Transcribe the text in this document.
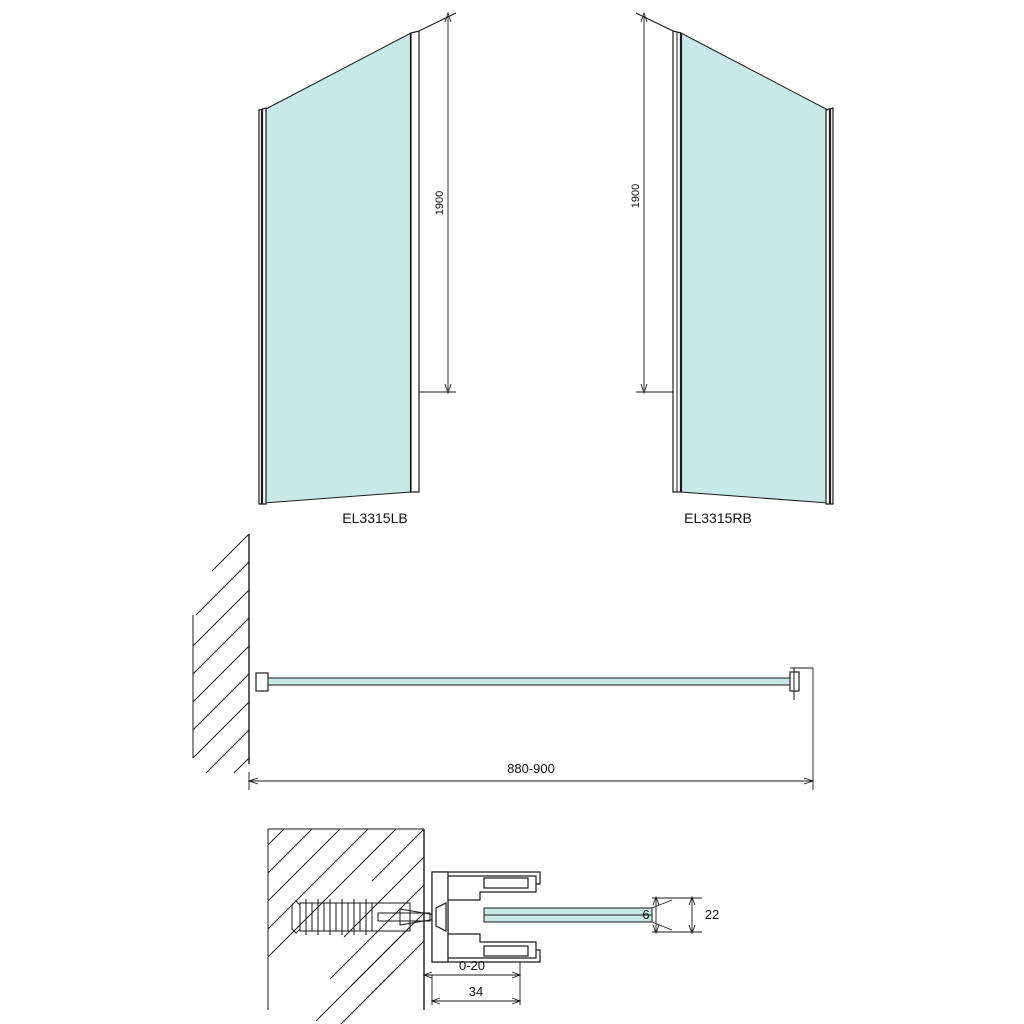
1900
EL3315LB
1900
EL3315RB
880-900
6	22
0-20
34
